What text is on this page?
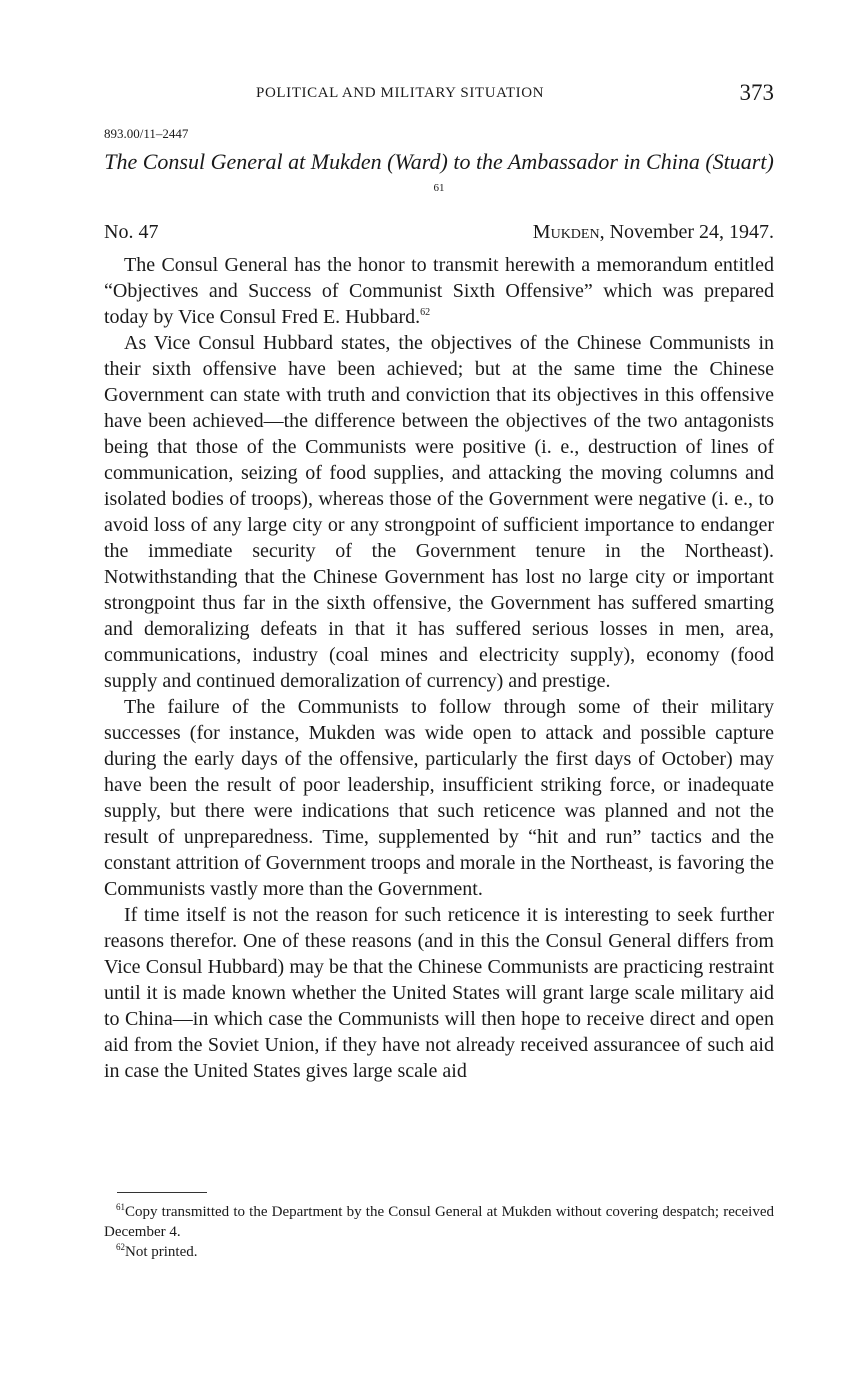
POLITICAL AND MILITARY SITUATION	373
893.00/11–2447
The Consul General at Mukden (Ward) to the Ambassador in China (Stuart) $^{61}$
No. 47	Mukden, November 24, 1947.

The Consul General has the honor to transmit herewith a memorandum entitled “Objectives and Success of Communist Sixth Offensive” which was prepared today by Vice Consul Fred E. Hubbard.$^{62}$

As Vice Consul Hubbard states, the objectives of the Chinese Communists in their sixth offensive have been achieved; but at the same time the Chinese Government can state with truth and conviction that its objectives in this offensive have been achieved—the difference between the objectives of the two antagonists being that those of the Communists were positive (i. e., destruction of lines of communication, seizing of food supplies, and attacking the moving columns and isolated bodies of troops), whereas those of the Government were negative (i. e., to avoid loss of any large city or any strongpoint of sufficient importance to endanger the immediate security of the Government tenure in the Northeast). Notwithstanding that the Chinese Government has lost no large city or important strongpoint thus far in the sixth offensive, the Government has suffered smarting and demoralizing defeats in that it has suffered serious losses in men, area, communications, industry (coal mines and electricity supply), economy (food supply and continued demoralization of currency) and prestige.

The failure of the Communists to follow through some of their military successes (for instance, Mukden was wide open to attack and possible capture during the early days of the offensive, particularly the first days of October) may have been the result of poor leadership, insufficient striking force, or inadequate supply, but there were indications that such reticence was planned and not the result of unpreparedness. Time, supplemented by “hit and run” tactics and the constant attrition of Government troops and morale in the Northeast, is favoring the Communists vastly more than the Government.

If time itself is not the reason for such reticence it is interesting to seek further reasons therefor. One of these reasons (and in this the Consul General differs from Vice Consul Hubbard) may be that the Chinese Communists are practicing restraint until it is made known whether the United States will grant large scale military aid to China—in which case the Communists will then hope to receive direct and open aid from the Soviet Union, if they have not already received assurancee of such aid in case the United States gives large scale aid

$^{61}$Copy transmitted to the Department by the Consul General at Mukden without covering despatch; received December 4.

$^{62}$Not printed.
